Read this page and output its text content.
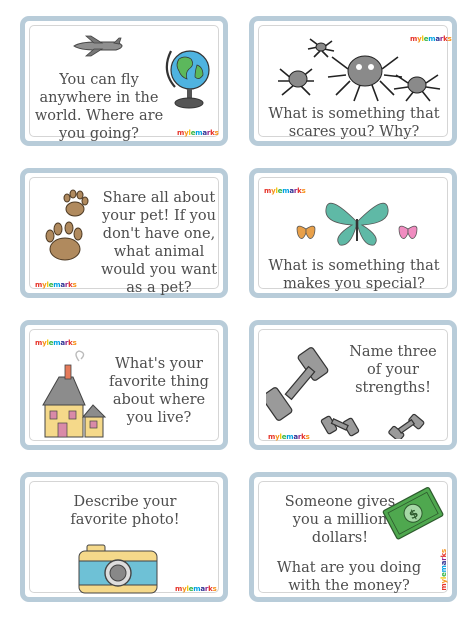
You can fly
anywhere in the
world. Where are
you going?	mylemarks
mylemarks
What is something that
scares you? Why?
Share all about
your pet! If you
don't have one,
what animal
would you want
as a pet?
mylemarks
mylemarks
What is something that
makes you special?
mylemarks
What's your
favorite thing
about where
you live?
Name three
of your
strengths!
mylemarks
Describe your
favorite photo!
mylemarks
$
Someone gives
you a million
dollars!
What are you doing
with the money?	mylemarks
